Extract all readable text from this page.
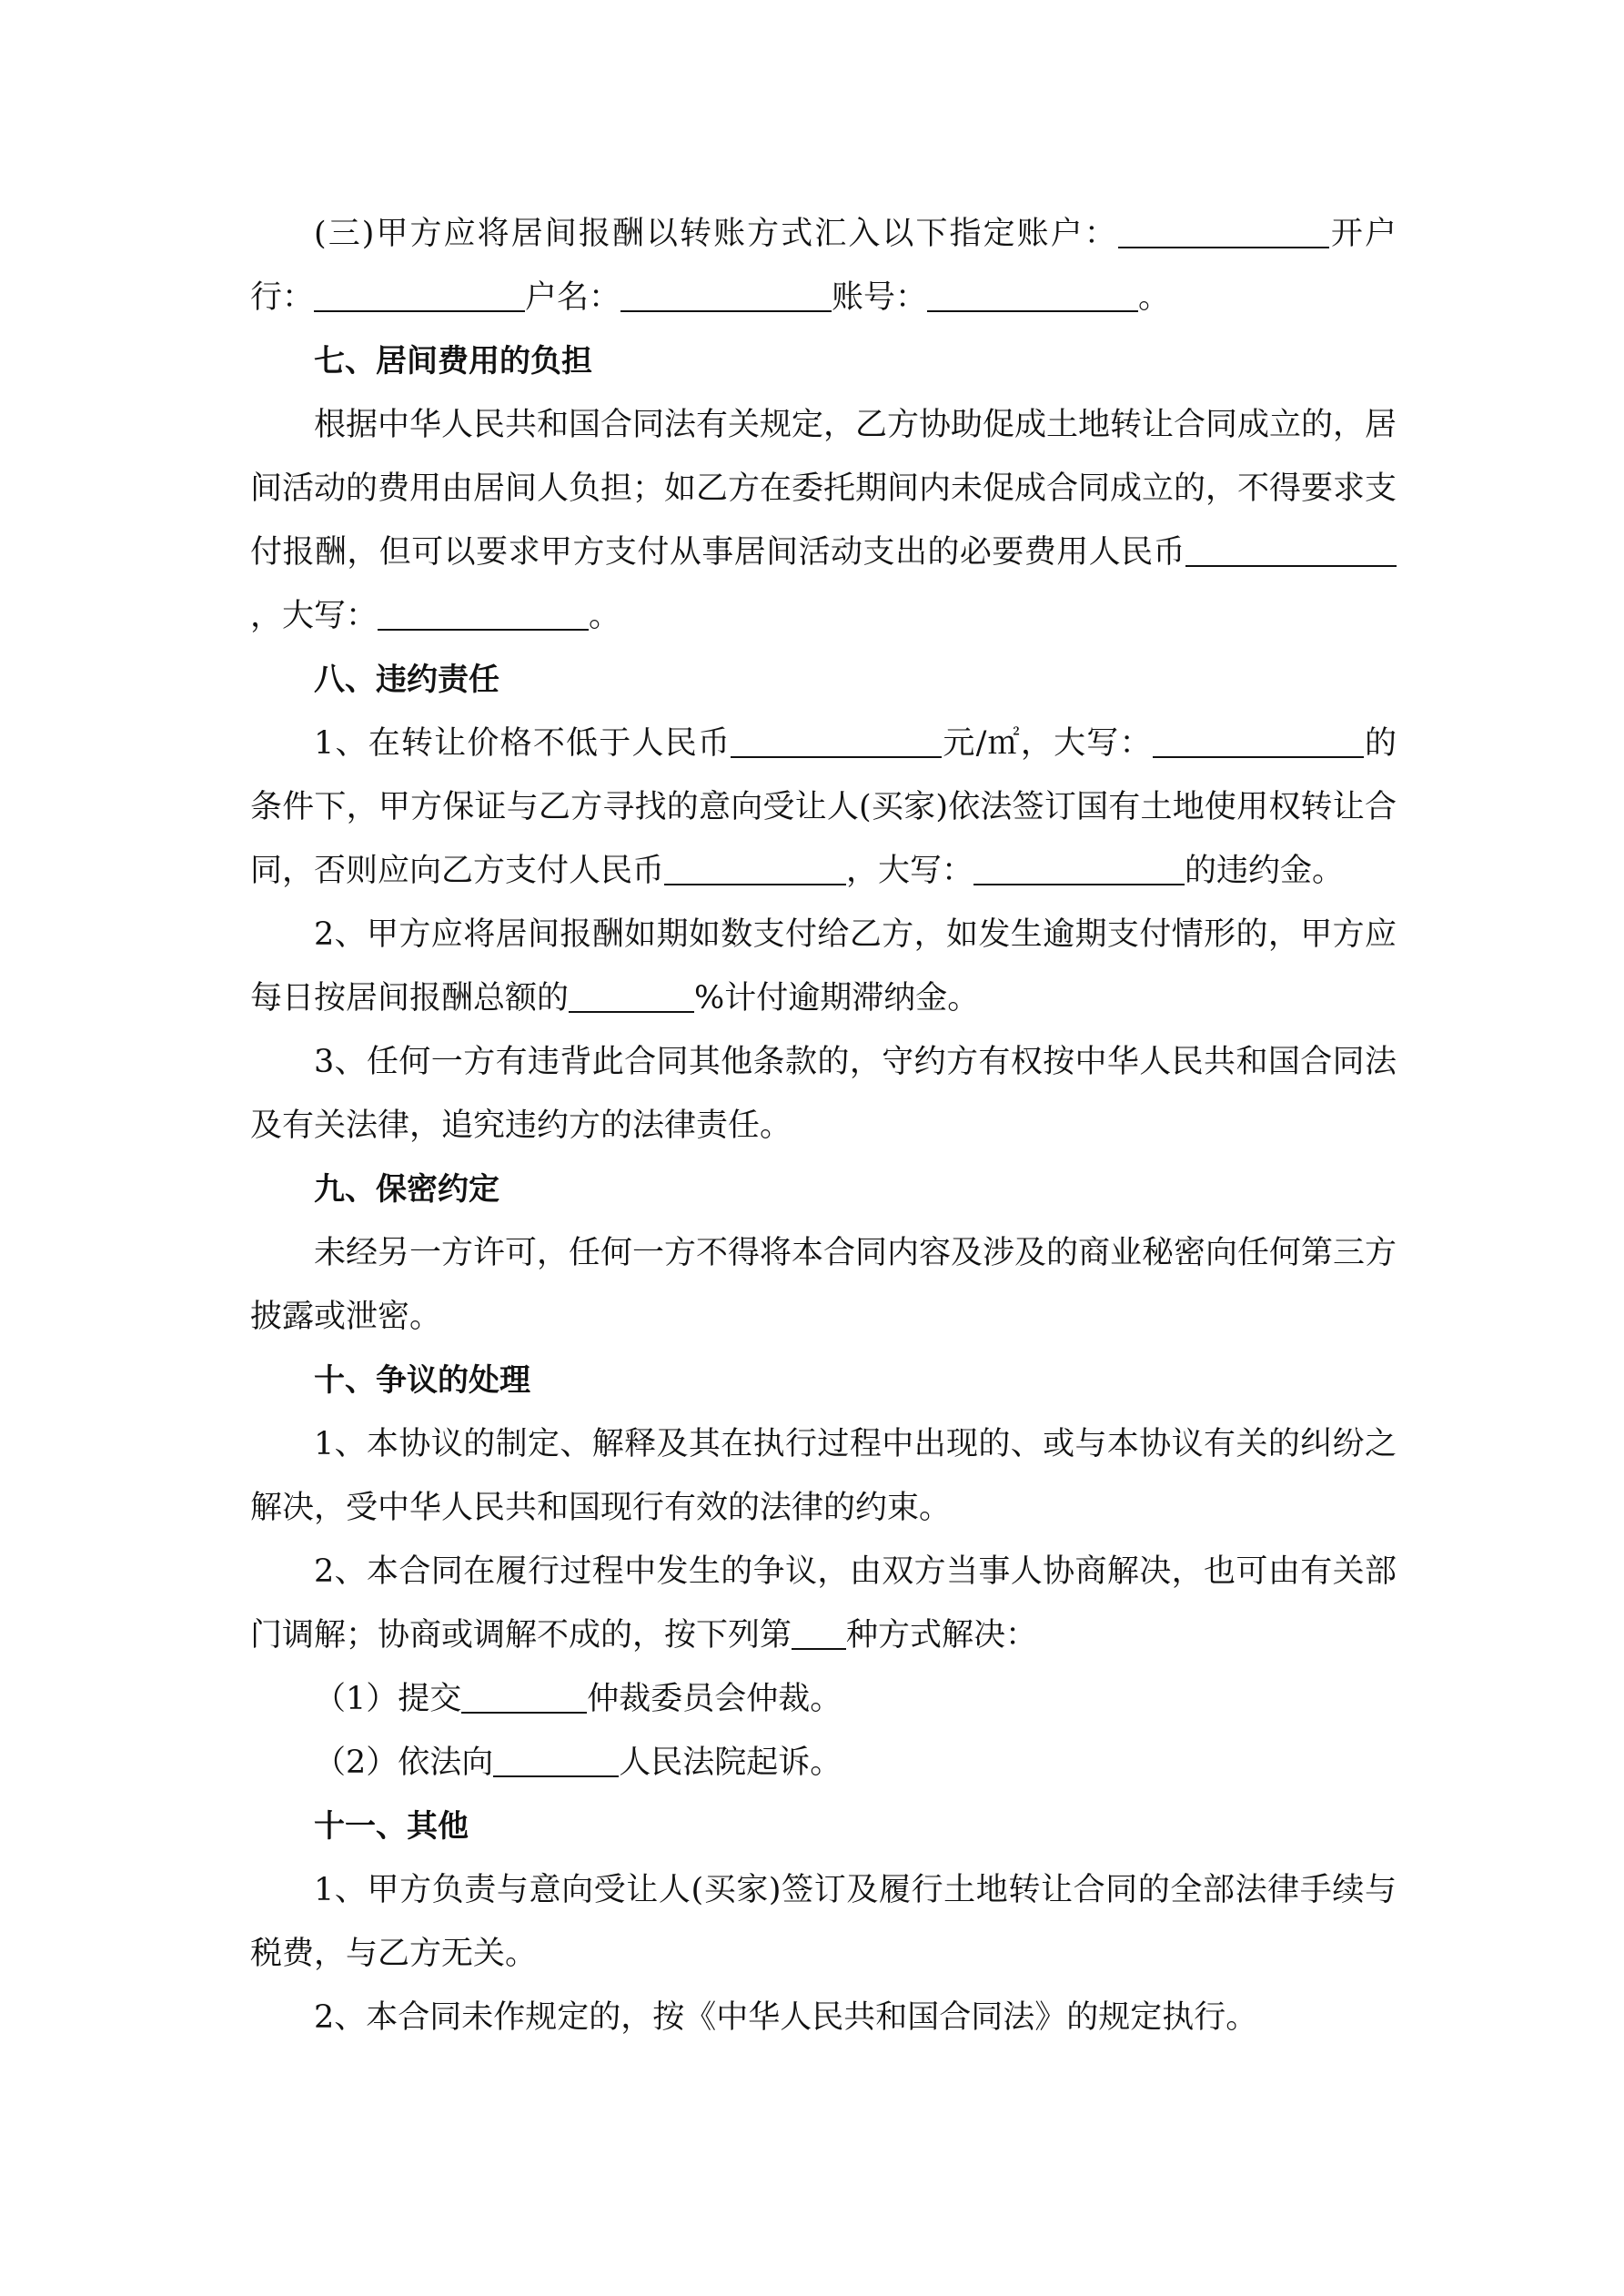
(三)甲方应将居间报酬以转账方式汇入以下指定账户：	开户行：	户名：	账号：	。

七、居间费用的负担

根据中华人民共和国合同法有关规定，乙方协助促成土地转让合同成立的，居间活动的费用由居间人负担；如乙方在委托期间内未促成合同成立的，不得要求支付报酬，但可以要求甲方支付从事居间活动支出的必要费用人民币，大写：	。

八、违约责任

1、在转让价格不低于人民币	元/㎡，大写：	的条件下，甲方保证与乙方寻找的意向受让人(买家)依法签订国有土地使用权转让合同，否则应向乙方支付人民币	，大写：	的违约金。

2、甲方应将居间报酬如期如数支付给乙方，如发生逾期支付情形的，甲方应每日按居间报酬总额的	%计付逾期滞纳金。

3、任何一方有违背此合同其他条款的，守约方有权按中华人民共和国合同法及有关法律，追究违约方的法律责任。

九、保密约定

未经另一方许可，任何一方不得将本合同内容及涉及的商业秘密向任何第三方披露或泄密。

十、争议的处理

1、本协议的制定、解释及其在执行过程中出现的、或与本协议有关的纠纷之解决，受中华人民共和国现行有效的法律的约束。

2、本合同在履行过程中发生的争议，由双方当事人协商解决，也可由有关部门调解；协商或调解不成的，按下列第 种方式解决：

（1）提交	仲裁委员会仲裁。

（2）依法向	人民法院起诉。

十一、其他

1、甲方负责与意向受让人(买家)签订及履行土地转让合同的全部法律手续与税费，与乙方无关。

2、本合同未作规定的，按《中华人民共和国合同法》的规定执行。
